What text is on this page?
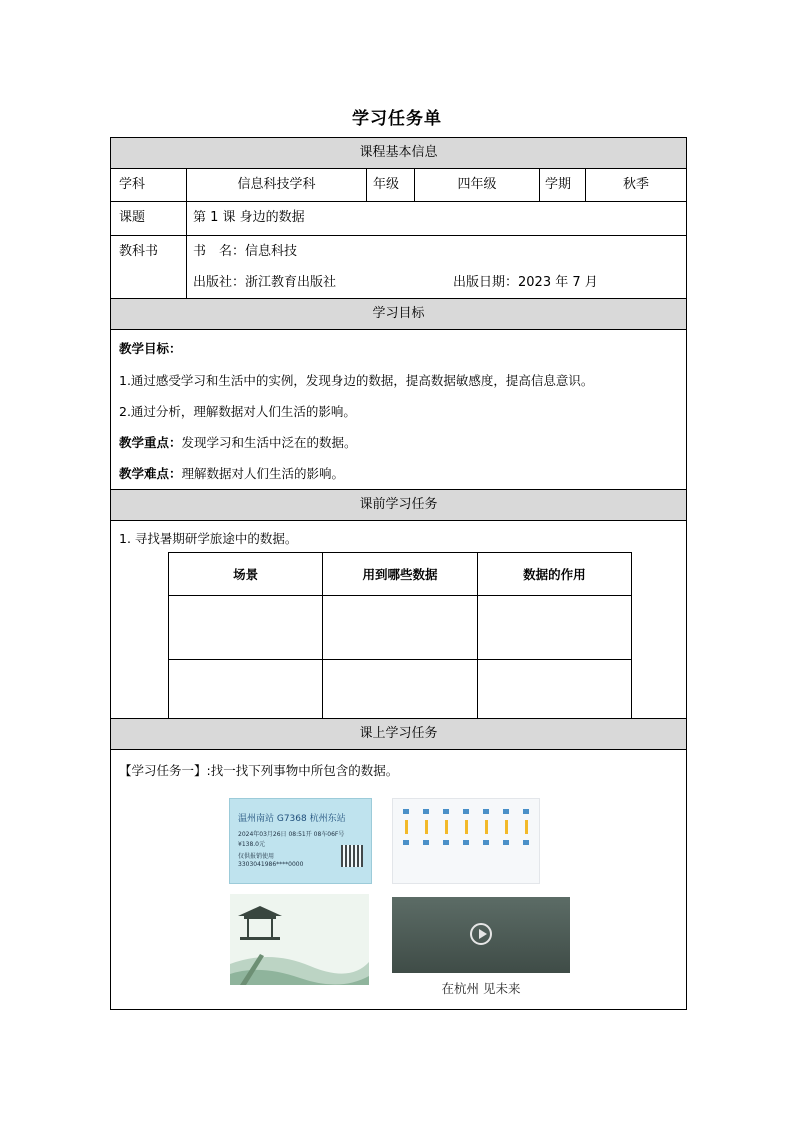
学习任务单
课程基本信息
学科	信息科技学科	年级	四年级	学期	秋季
课题	第 1 课 身边的数据
教科书	书　名：信息科技
出版社：浙江教育出版社	出版日期：2023 年 7 月
学习目标
教学目标：
1.通过感受学习和生活中的实例，发现身边的数据，提高数据敏感度，提高信息意识。
2.通过分析，理解数据对人们生活的影响。
教学重点：发现学习和生活中泛在的数据。
教学难点：理解数据对人们生活的影响。
课前学习任务
1. 寻找暑期研学旅途中的数据。
场景	用到哪些数据	数据的作用

课上学习任务
【学习任务一】:找一找下列事物中所包含的数据。
温州南站 G7368 杭州东站
2024年03月26日 08:51开 08车06F号
¥138.0元
仅供报销使用
3303041986****0000
在杭州 见未来
